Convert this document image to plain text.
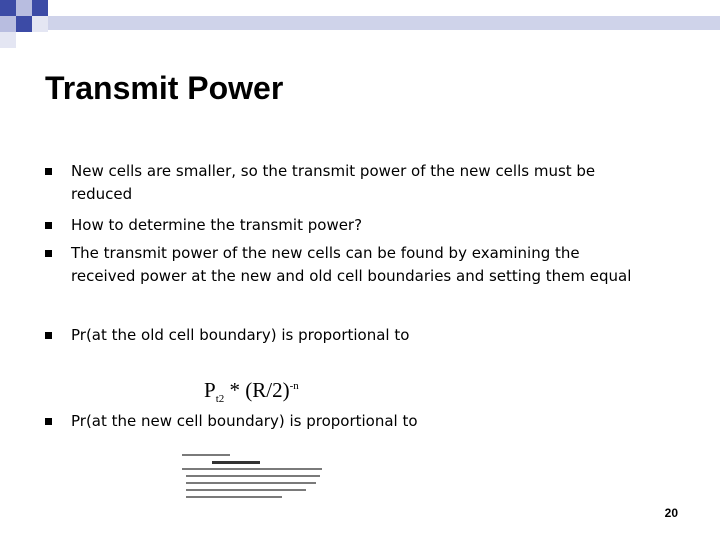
Transmit Power
New cells are smaller, so the transmit power of the new cells must be reduced
How to determine the transmit power?
The transmit power of the new cells can be found by examining the received power at the new and old cell boundaries and setting them equal
Pr(at the old cell boundary) is proportional to
Pr(at the new cell boundary) is proportional to
$P_{t2} * (R/2)^{-n}$
20
